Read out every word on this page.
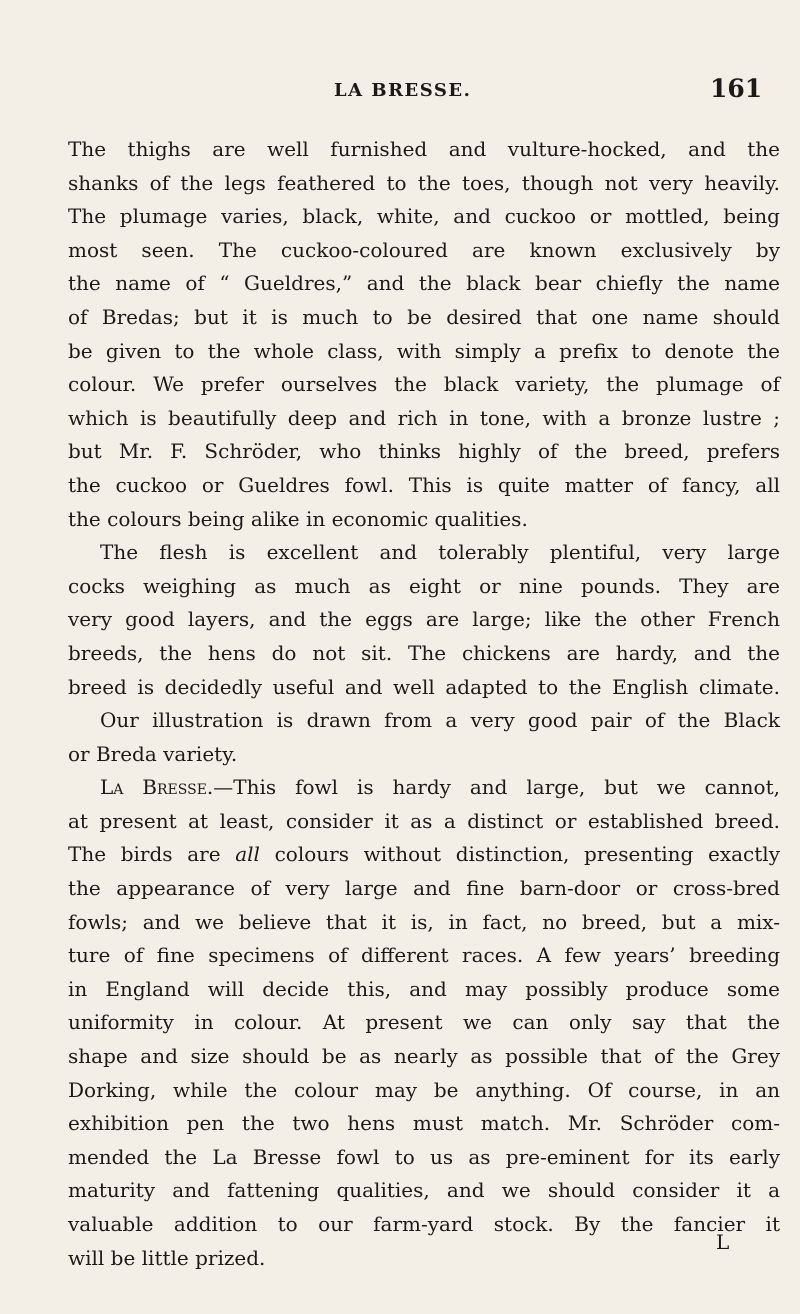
LA BRESSE.	161
The thighs are well furnished and vulture-hocked, and the
shanks of the legs feathered to the toes, though not very heavily.
The plumage varies, black, white, and cuckoo or mottled, being
most seen. The cuckoo-coloured are known exclusively by
the name of “ Gueldres,” and the black bear chiefly the name
of Bredas; but it is much to be desired that one name should
be given to the whole class, with simply a prefix to denote the
colour. We prefer ourselves the black variety, the plumage of
which is beautifully deep and rich in tone, with a bronze lustre ;
but Mr. F. Schröder, who thinks highly of the breed, prefers
the cuckoo or Gueldres fowl. This is quite matter of fancy, all
the colours being alike in economic qualities.
The flesh is excellent and tolerably plentiful, very large
cocks weighing as much as eight or nine pounds. They are
very good layers, and the eggs are large; like the other French
breeds, the hens do not sit. The chickens are hardy, and the
breed is decidedly useful and well adapted to the English climate.
Our illustration is drawn from a very good pair of the Black
or Breda variety.
La Bresse.—This fowl is hardy and large, but we cannot,
at present at least, consider it as a distinct or established breed.
The birds are all colours without distinction, presenting exactly
the appearance of very large and fine barn-door or cross-bred
fowls; and we believe that it is, in fact, no breed, but a mix-
ture of fine specimens of different races. A few years’ breeding
in England will decide this, and may possibly produce some
uniformity in colour. At present we can only say that the
shape and size should be as nearly as possible that of the Grey
Dorking, while the colour may be anything. Of course, in an
exhibition pen the two hens must match. Mr. Schröder com-
mended the La Bresse fowl to us as pre-eminent for its early
maturity and fattening qualities, and we should consider it a
valuable addition to our farm-yard stock. By the fancier it
will be little prized.
L
